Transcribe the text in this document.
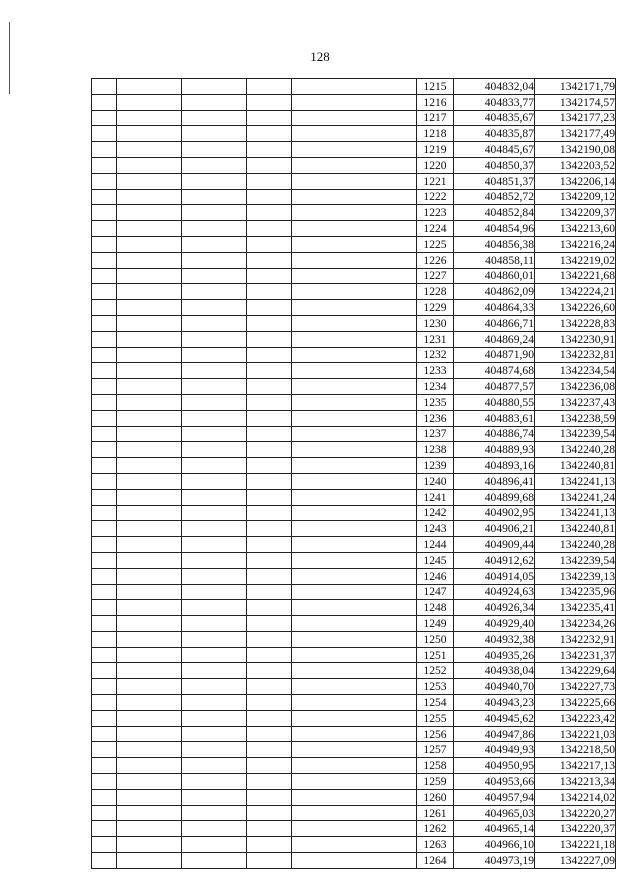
128
					1215	404832,04	1342171,79
					1216	404833,77	1342174,57
					1217	404835,67	1342177,23
					1218	404835,87	1342177,49
					1219	404845,67	1342190,08
					1220	404850,37	1342203,52
					1221	404851,37	1342206,14
					1222	404852,72	1342209,12
					1223	404852,84	1342209,37
					1224	404854,96	1342213,60
					1225	404856,38	1342216,24
					1226	404858,11	1342219,02
					1227	404860,01	1342221,68
					1228	404862,09	1342224,21
					1229	404864,33	1342226,60
					1230	404866,71	1342228,83
					1231	404869,24	1342230,91
					1232	404871,90	1342232,81
					1233	404874,68	1342234,54
					1234	404877,57	1342236,08
					1235	404880,55	1342237,43
					1236	404883,61	1342238,59
					1237	404886,74	1342239,54
					1238	404889,93	1342240,28
					1239	404893,16	1342240,81
					1240	404896,41	1342241,13
					1241	404899,68	1342241,24
					1242	404902,95	1342241,13
					1243	404906,21	1342240,81
					1244	404909,44	1342240,28
					1245	404912,62	1342239,54
					1246	404914,05	1342239,13
					1247	404924,63	1342235,96
					1248	404926,34	1342235,41
					1249	404929,40	1342234,26
					1250	404932,38	1342232,91
					1251	404935,26	1342231,37
					1252	404938,04	1342229,64
					1253	404940,70	1342227,73
					1254	404943,23	1342225,66
					1255	404945,62	1342223,42
					1256	404947,86	1342221,03
					1257	404949,93	1342218,50
					1258	404950,95	1342217,13
					1259	404953,66	1342213,34
					1260	404957,94	1342214,02
					1261	404965,03	1342220,27
					1262	404965,14	1342220,37
					1263	404966,10	1342221,18
					1264	404973,19	1342227,09
